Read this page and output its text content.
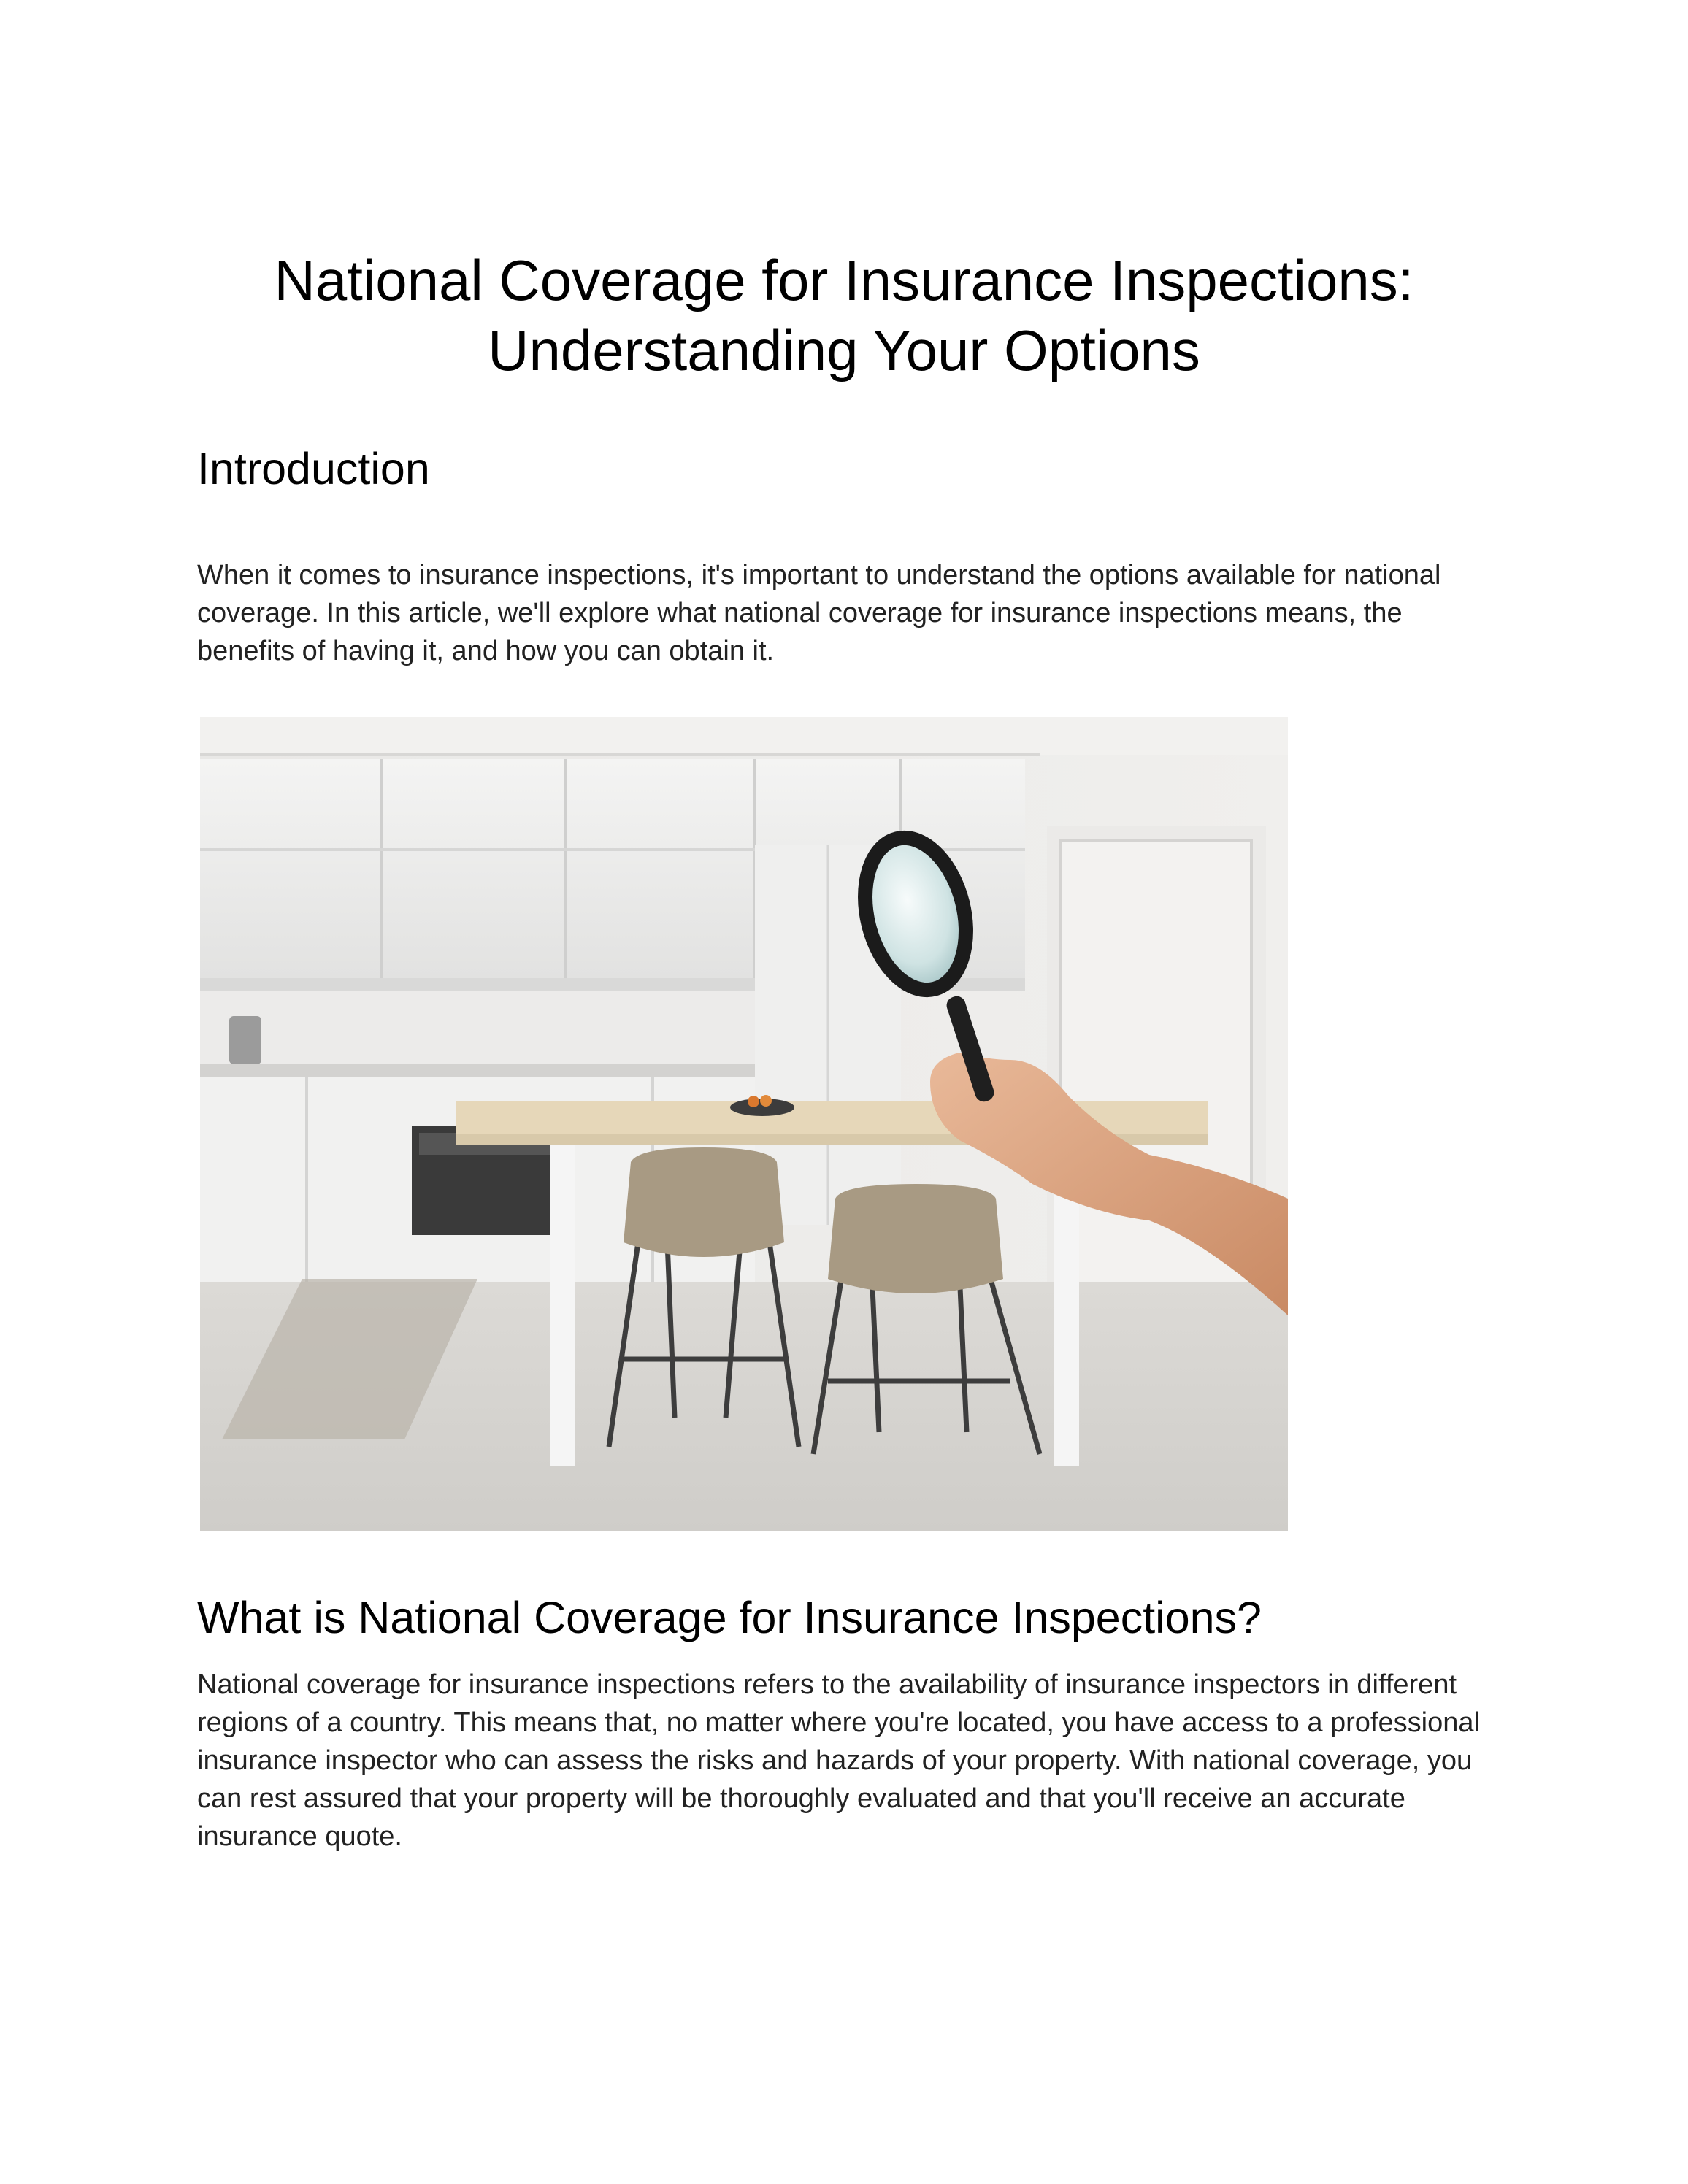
National Coverage for Insurance Inspections: Understanding Your Options
Introduction

When it comes to insurance inspections, it's important to understand the options available for national coverage. In this article, we'll explore what national coverage for insurance inspections means, the benefits of having it, and how you can obtain it.

What is National Coverage for Insurance Inspections?

National coverage for insurance inspections refers to the availability of insurance inspectors in different regions of a country. This means that, no matter where you're located, you have access to a professional insurance inspector who can assess the risks and hazards of your property. With national coverage, you can rest assured that your property will be thoroughly evaluated and that you'll receive an accurate insurance quote.
